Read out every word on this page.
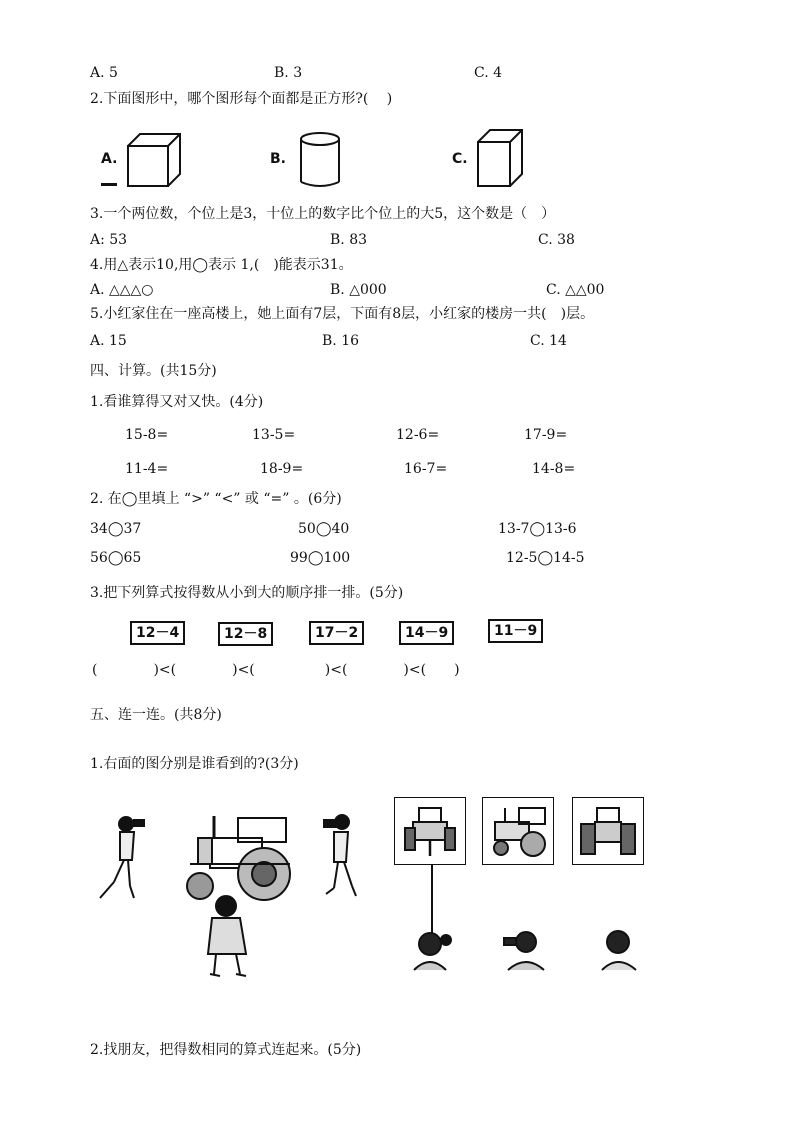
A. 5	B. 3	C. 4
2.下面图形中，哪个图形每个面都是正方形?(　 )
A.	B.	C.
3.一个两位数，个位上是3，十位上的数字比个位上的大5，这个数是（　）
A: 53	B. 83	C. 38
4.用△表示10,用◯表示 1,(　)能表示31。
A. △△△○	B. △000	C. △△00
5.小红家住在一座高楼上，她上面有7层，下面有8层，小红家的楼房一共(　)层。
A. 15	B. 16	C. 14
四、计算。(共15分)
1.看谁算得又对又快。(4分)
15-8=	13-5=	12-6=	17-9=
11-4=	18-9=	16-7=	14-8=
2. 在◯里填上 “>” “<” 或 “=” 。(6分)
34◯37	50◯40	13-7◯13-6
56◯65	99◯100	12-5◯14-5
3.把下列算式按得数从小到大的顺序排一排。(5分)
12－4	12－8	17－2	14－9	11－9
(　　　　)<(　　　　)<(　　　　　)<(　　　　)<(　　)
五、连一连。(共8分)
1.右面的图分别是谁看到的?(3分)
2.找朋友，把得数相同的算式连起来。(5分)
